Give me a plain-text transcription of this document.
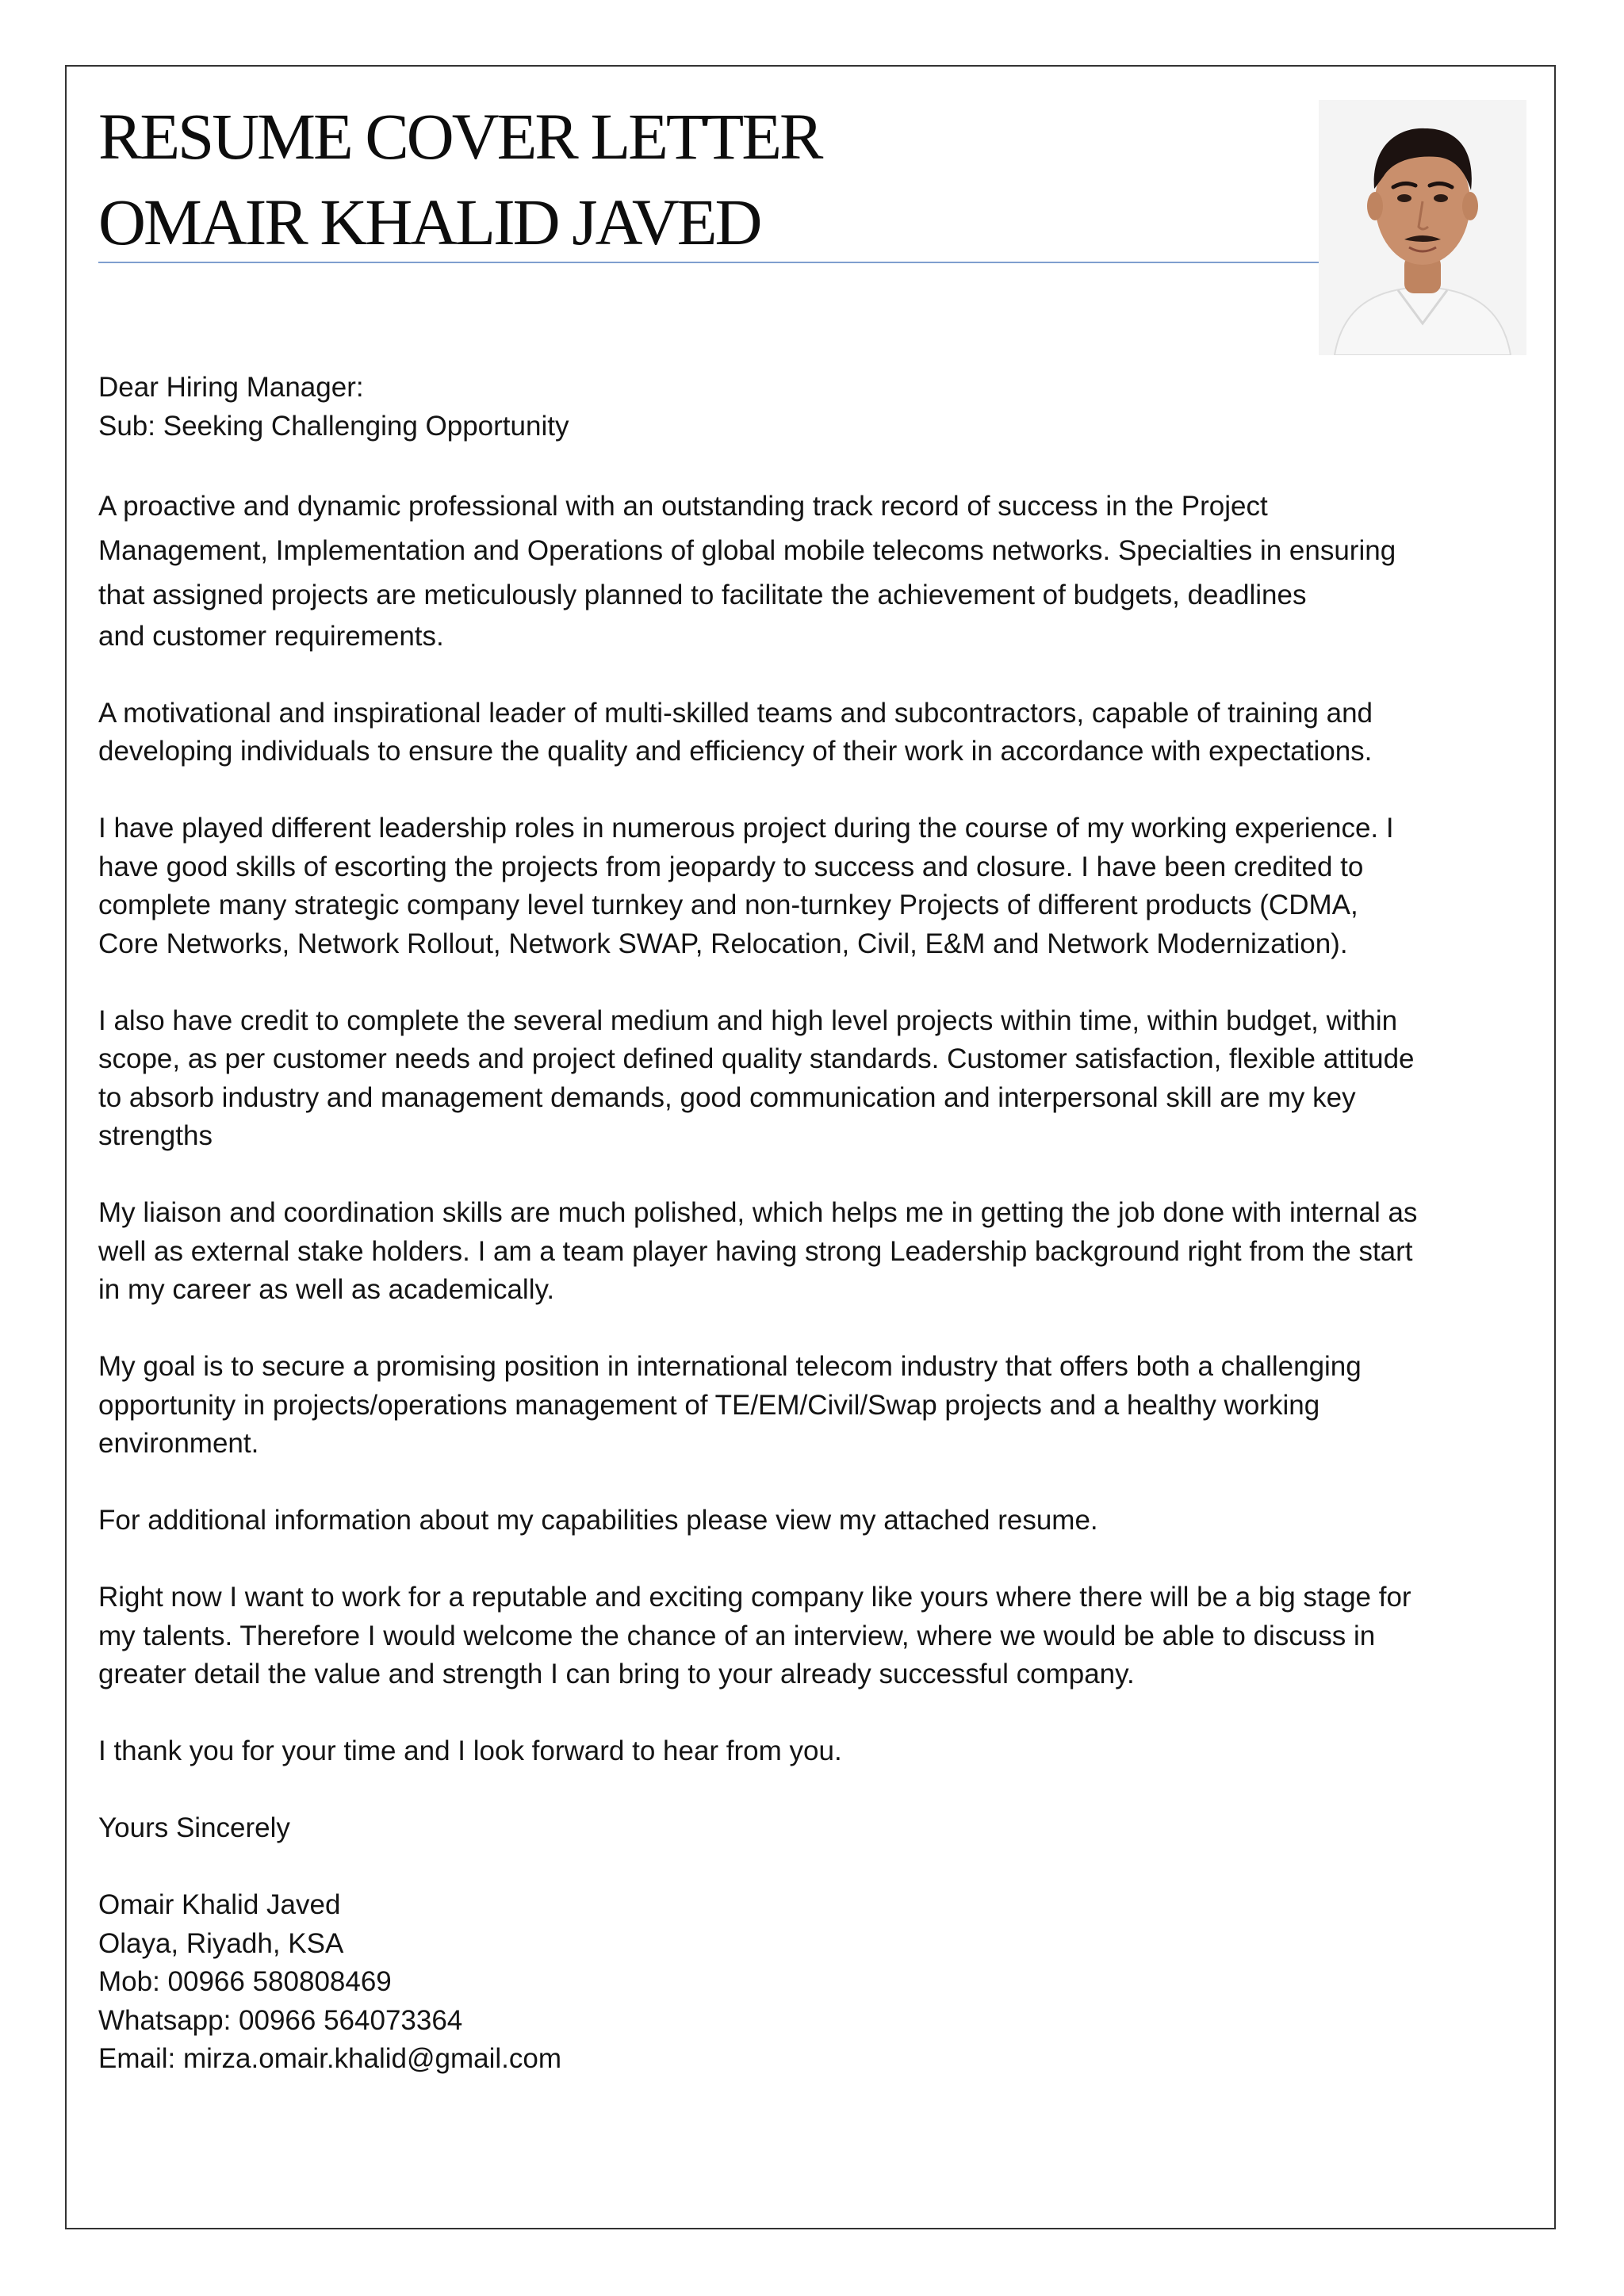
RESUME COVER LETTER
OMAIR KHALID JAVED

Dear Hiring Manager:

Sub: Seeking Challenging Opportunity

A proactive and dynamic professional with an outstanding track record of success in the Project

Management, Implementation and Operations of global mobile telecoms networks. Specialties in ensuring

that assigned projects are meticulously planned to facilitate the achievement of budgets, deadlines

and customer requirements.

A motivational and inspirational leader of multi-skilled teams and subcontractors, capable of training and

developing individuals to ensure the quality and efficiency of their work in accordance with expectations.

I have played different leadership roles in numerous project during the course of my working experience. I

have good skills of escorting the projects from jeopardy to success and closure. I have been credited to

complete many strategic company level turnkey and non-turnkey Projects of different products (CDMA,

Core Networks, Network Rollout, Network SWAP, Relocation, Civil, E&M and Network Modernization).

I also have credit to complete the several medium and high level projects within time, within budget, within

scope, as per customer needs and project defined quality standards. Customer satisfaction, flexible attitude

to absorb industry and management demands, good communication and interpersonal skill are my key

strengths

My liaison and coordination skills are much polished, which helps me in getting the job done with internal as

well as external stake holders. I am a team player having strong Leadership background right from the start

in my career as well as academically.

My goal is to secure a promising position in international telecom industry that offers both a challenging

opportunity in projects/operations management of TE/EM/Civil/Swap projects and a healthy working

environment.

For additional information about my capabilities please view my attached resume.

Right now I want to work for a reputable and exciting company like yours where there will be a big stage for

my talents. Therefore I would welcome the chance of an interview, where we would be able to discuss in

greater detail the value and strength I can bring to your already successful company.

I thank you for your time and I look forward to hear from you.

Yours Sincerely

Omair Khalid Javed

Olaya, Riyadh, KSA

Mob: 00966 580808469

Whatsapp: 00966 564073364

Email: mirza.omair.khalid@gmail.com
